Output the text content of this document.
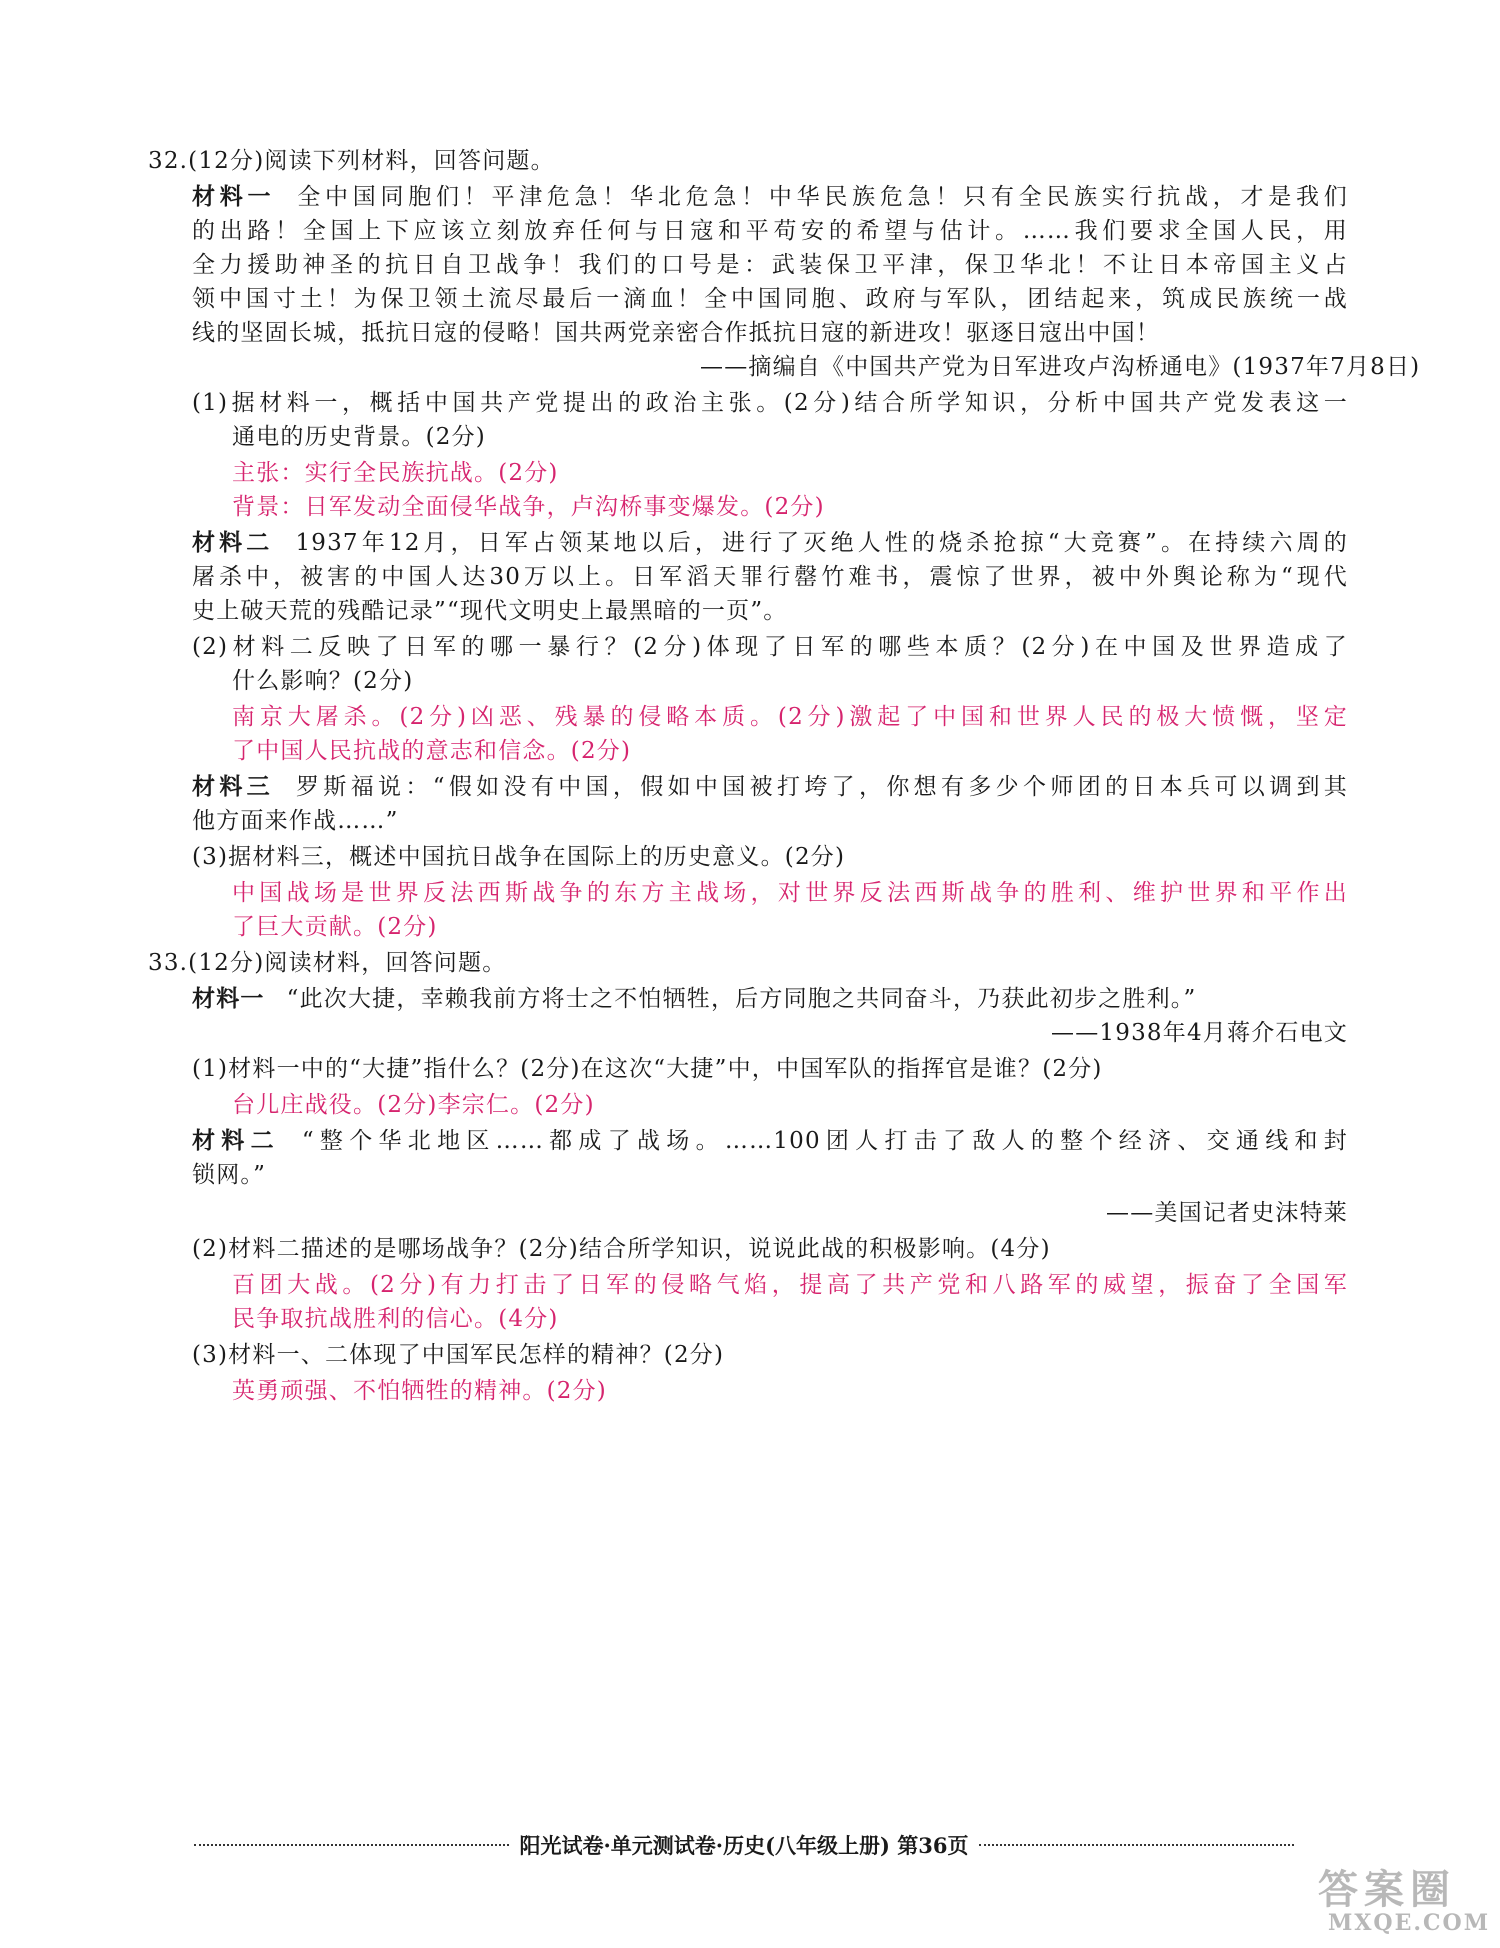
32.(12分)阅读下列材料，回答问题。
材料一 全中国同胞们！平津危急！华北危急！中华民族危急！只有全民族实行抗战，才是我们
的出路！全国上下应该立刻放弃任何与日寇和平苟安的希望与估计。……我们要求全国人民，用
全力援助神圣的抗日自卫战争！我们的口号是：武装保卫平津，保卫华北！不让日本帝国主义占
领中国寸土！为保卫领土流尽最后一滴血！全中国同胞、政府与军队，团结起来，筑成民族统一战
线的坚固长城，抵抗日寇的侵略！国共两党亲密合作抵抗日寇的新进攻！驱逐日寇出中国！
——摘编自《中国共产党为日军进攻卢沟桥通电》(1937年7月8日)
(1)据材料一，概括中国共产党提出的政治主张。(2分)结合所学知识，分析中国共产党发表这一
通电的历史背景。(2分)
主张：实行全民族抗战。(2分)
背景：日军发动全面侵华战争，卢沟桥事变爆发。(2分)
材料二 1937年12月，日军占领某地以后，进行了灭绝人性的烧杀抢掠“大竞赛”。在持续六周的
屠杀中，被害的中国人达30万以上。日军滔天罪行罄竹难书，震惊了世界，被中外舆论称为“现代
史上破天荒的残酷记录”“现代文明史上最黑暗的一页”。
(2)材料二反映了日军的哪一暴行？(2分)体现了日军的哪些本质？(2分)在中国及世界造成了
什么影响？(2分)
南京大屠杀。(2分)凶恶、残暴的侵略本质。(2分)激起了中国和世界人民的极大愤慨，坚定
了中国人民抗战的意志和信念。(2分)
材料三 罗斯福说：“假如没有中国，假如中国被打垮了，你想有多少个师团的日本兵可以调到其
他方面来作战……”
(3)据材料三，概述中国抗日战争在国际上的历史意义。(2分)
中国战场是世界反法西斯战争的东方主战场，对世界反法西斯战争的胜利、维护世界和平作出
了巨大贡献。(2分)
33.(12分)阅读材料，回答问题。
材料一 “此次大捷，幸赖我前方将士之不怕牺牲，后方同胞之共同奋斗，乃获此初步之胜利。”
——1938年4月蒋介石电文
(1)材料一中的“大捷”指什么？(2分)在这次“大捷”中，中国军队的指挥官是谁？(2分)
台儿庄战役。(2分)李宗仁。(2分)
材料二 “整个华北地区……都成了战场。……100团人打击了敌人的整个经济、交通线和封
锁网。”
——美国记者史沫特莱
(2)材料二描述的是哪场战争？(2分)结合所学知识，说说此战的积极影响。(4分)
百团大战。(2分)有力打击了日军的侵略气焰，提高了共产党和八路军的威望，振奋了全国军
民争取抗战胜利的信心。(4分)
(3)材料一、二体现了中国军民怎样的精神？(2分)
英勇顽强、不怕牺牲的精神。(2分)
阳光试卷·单元测试卷·历史(八年级上册) 第36页
答案圈
MXQE.COM
